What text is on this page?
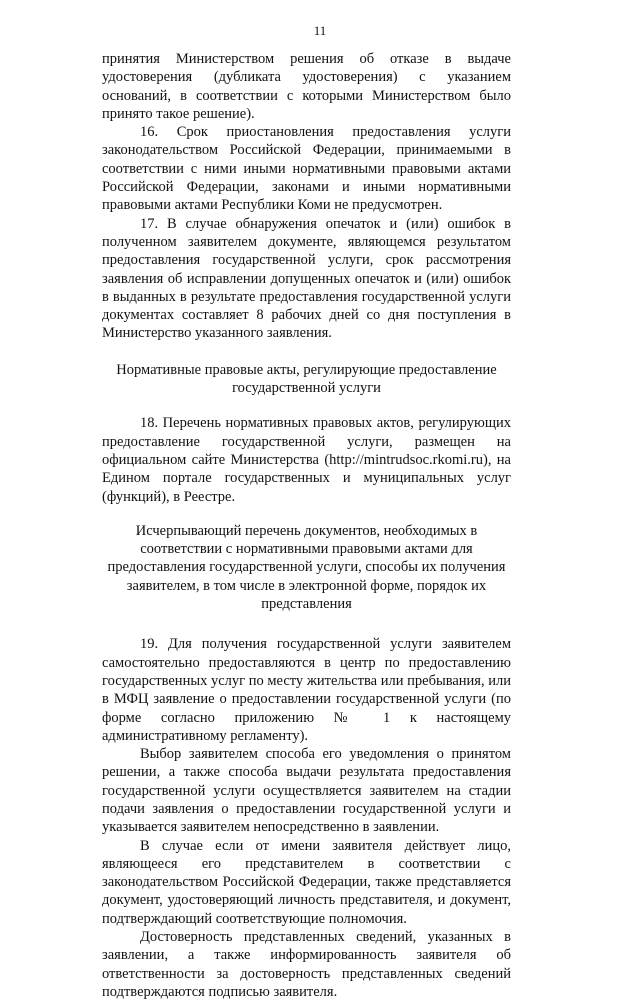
11

принятия Министерством решения об отказе в выдаче удостоверения (дубликата удостоверения) с указанием оснований, в соответствии с которыми Министерством было принято такое решение).

16. Срок приостановления предоставления услуги законодательством Российской Федерации, принимаемыми в соответствии с ними иными нормативными правовыми актами Российской Федерации, законами и иными нормативными правовыми актами Республики Коми не предусмотрен.

17. В случае обнаружения опечаток и (или) ошибок в полученном заявителем документе, являющемся результатом предоставления государственной услуги, срок рассмотрения заявления об исправлении допущенных опечаток и (или) ошибок в выданных в результате предоставления государственной услуги документах составляет 8 рабочих дней со дня поступления в Министерство указанного заявления.

Нормативные правовые акты, регулирующие предоставление государственной услуги

18. Перечень нормативных правовых актов, регулирующих предоставление государственной услуги, размещен на официальном сайте Министерства (http://mintrudsoc.rkomi.ru), на Едином портале государственных и муниципальных услуг (функций), в Реестре.

Исчерпывающий перечень документов, необходимых в соответствии с нормативными правовыми актами для предоставления государственной услуги, способы их получения заявителем, в том числе в электронной форме, порядок их представления

19. Для получения государственной услуги заявителем самостоятельно предоставляются в центр по предоставлению государственных услуг по месту жительства или пребывания, или в МФЦ заявление о предоставлении государственной услуги (по форме согласно приложению № 1 к настоящему административному регламенту).

Выбор заявителем способа его уведомления о принятом решении, а также способа выдачи результата предоставления государственной услуги осуществляется заявителем на стадии подачи заявления о предоставлении государственной услуги и указывается заявителем непосредственно в заявлении.

В случае если от имени заявителя действует лицо, являющееся его представителем в соответствии с законодательством Российской Федерации, также представляется документ, удостоверяющий личность представителя, и документ, подтверждающий соответствующие полномочия.

Достоверность представленных сведений, указанных в заявлении, а также информированность заявителя об ответственности за достоверность представленных сведений подтверждаются подписью заявителя.
